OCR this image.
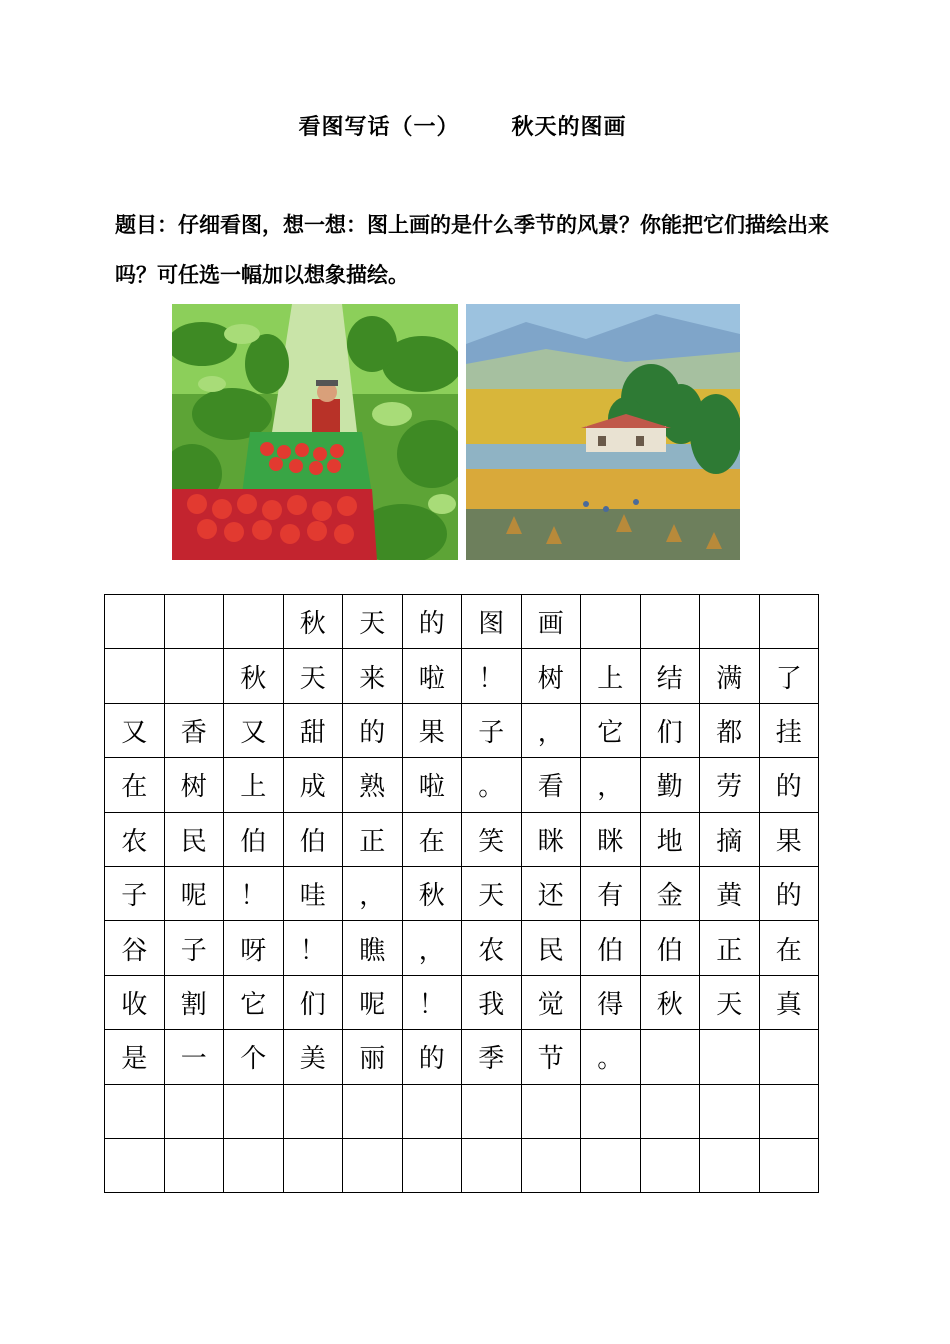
看图写话（一）      秋天的图画
题目：仔细看图，想一想：图上画的是什么季节的风景？你能把它们描绘出来吗？可任选一幅加以想象描绘。
			秋	天	的	图	画				
		秋	天	来	啦	！	树	上	结	满	了
又	香	又	甜	的	果	子	，	它	们	都	挂
在	树	上	成	熟	啦	。	看	，	勤	劳	的
农	民	伯	伯	正	在	笑	眯	眯	地	摘	果
子	呢	！	哇	，	秋	天	还	有	金	黄	的
谷	子	呀	！	瞧	，	农	民	伯	伯	正	在
收	割	它	们	呢	！	我	觉	得	秋	天	真
是	一	个	美	丽	的	季	节	。			
